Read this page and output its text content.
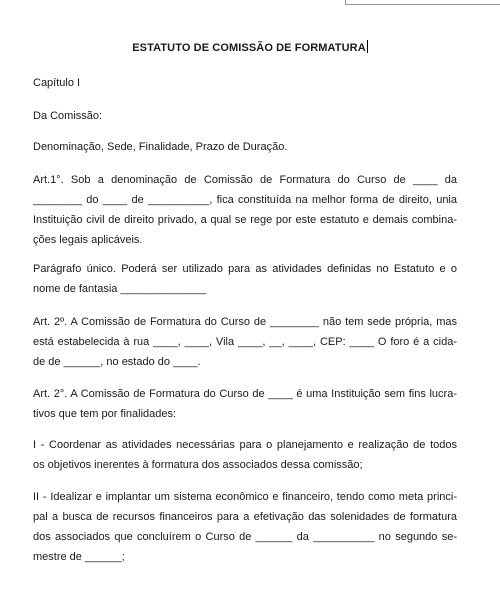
ESTATUTO DE COMISSÃO DE FORMATURA
Capítulo I
Da Comissão:
Denominação, Sede, Finalidade, Prazo de Duração.
Art.1°. Sob a denominação de Comissão de Formatura do Curso de ____ da
________ do ____ de __________, fica constituída na melhor forma de direito, unia
Instituição civil de direito privado, a qual se rege por este estatuto e demais combina-
ções legais aplicáveis.
Parágrafo único. Poderá ser utilizado para as atividades definidas no Estatuto e o
nome de fantasia ______________
Art. 2º. A Comissão de Formatura do Curso de ________ não tem sede própria, mas
está estabelecida à rua ____, ____, Vila ____, __, ____, CEP: ____ O foro é a cida-
de de ______, no estado do ____.
Art. 2°. A Comissão de Formatura do Curso de ____ é uma Instituição sem fins lucra-
tivos que tem por finalidades:
I - Coordenar as atividades necessárias para o planejamento e realização de todos
os objetivos inerentes à formatura dos associados dessa comissão;
II - Idealizar e implantar um sistema econômico e financeiro, tendo como meta princi-
pal a busca de recursos financeiros para a efetivação das solenidades de formatura
dos associados que concluírem o Curso de ______ da __________ no segundo se-
mestre de ______;
